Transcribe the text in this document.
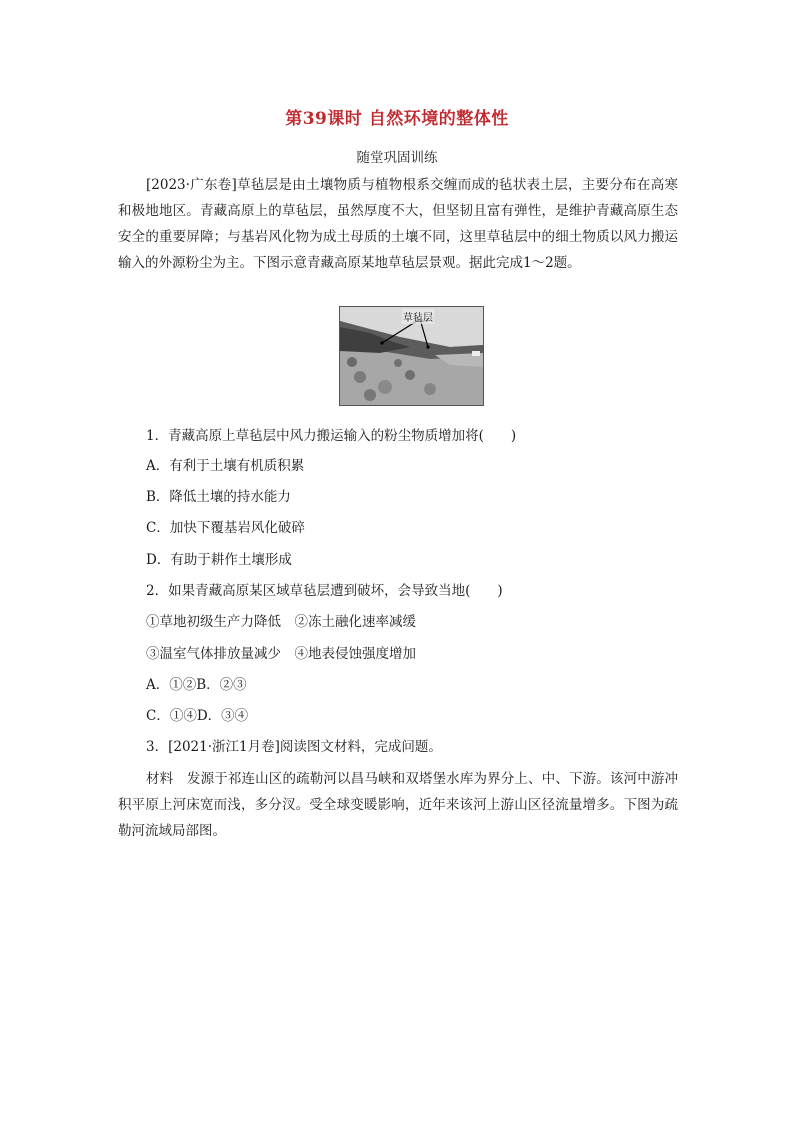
第39课时 自然环境的整体性
随堂巩固训练

[2023·广东卷]草毡层是由土壤物质与植物根系交缠而成的毡状表土层，主要分布在高寒和极地地区。青藏高原上的草毡层，虽然厚度不大，但坚韧且富有弹性，是维护青藏高原生态安全的重要屏障；与基岩风化物为成土母质的土壤不同，这里草毡层中的细土物质以风力搬运输入的外源粉尘为主。下图示意青藏高原某地草毡层景观。据此完成1～2题。

草毡层
1．青藏高原上草毡层中风力搬运输入的粉尘物质增加将(　　)
A．有利于土壤有机质积累
B．降低土壤的持水能力
C．加快下覆基岩风化破碎
D．有助于耕作土壤形成
2．如果青藏高原某区域草毡层遭到破坏，会导致当地(　　)
①草地初级生产力降低　②冻土融化速率减缓
③温室气体排放量减少　④地表侵蚀强度增加
A．①②B．②③
C．①④D．③④
3．[2021·浙江1月卷]阅读图文材料，完成问题。

材料　发源于祁连山区的疏勒河以昌马峡和双塔堡水库为界分上、中、下游。该河中游冲积平原上河床宽而浅，多分汊。受全球变暖影响，近年来该河上游山区径流量增多。下图为疏勒河流域局部图。
